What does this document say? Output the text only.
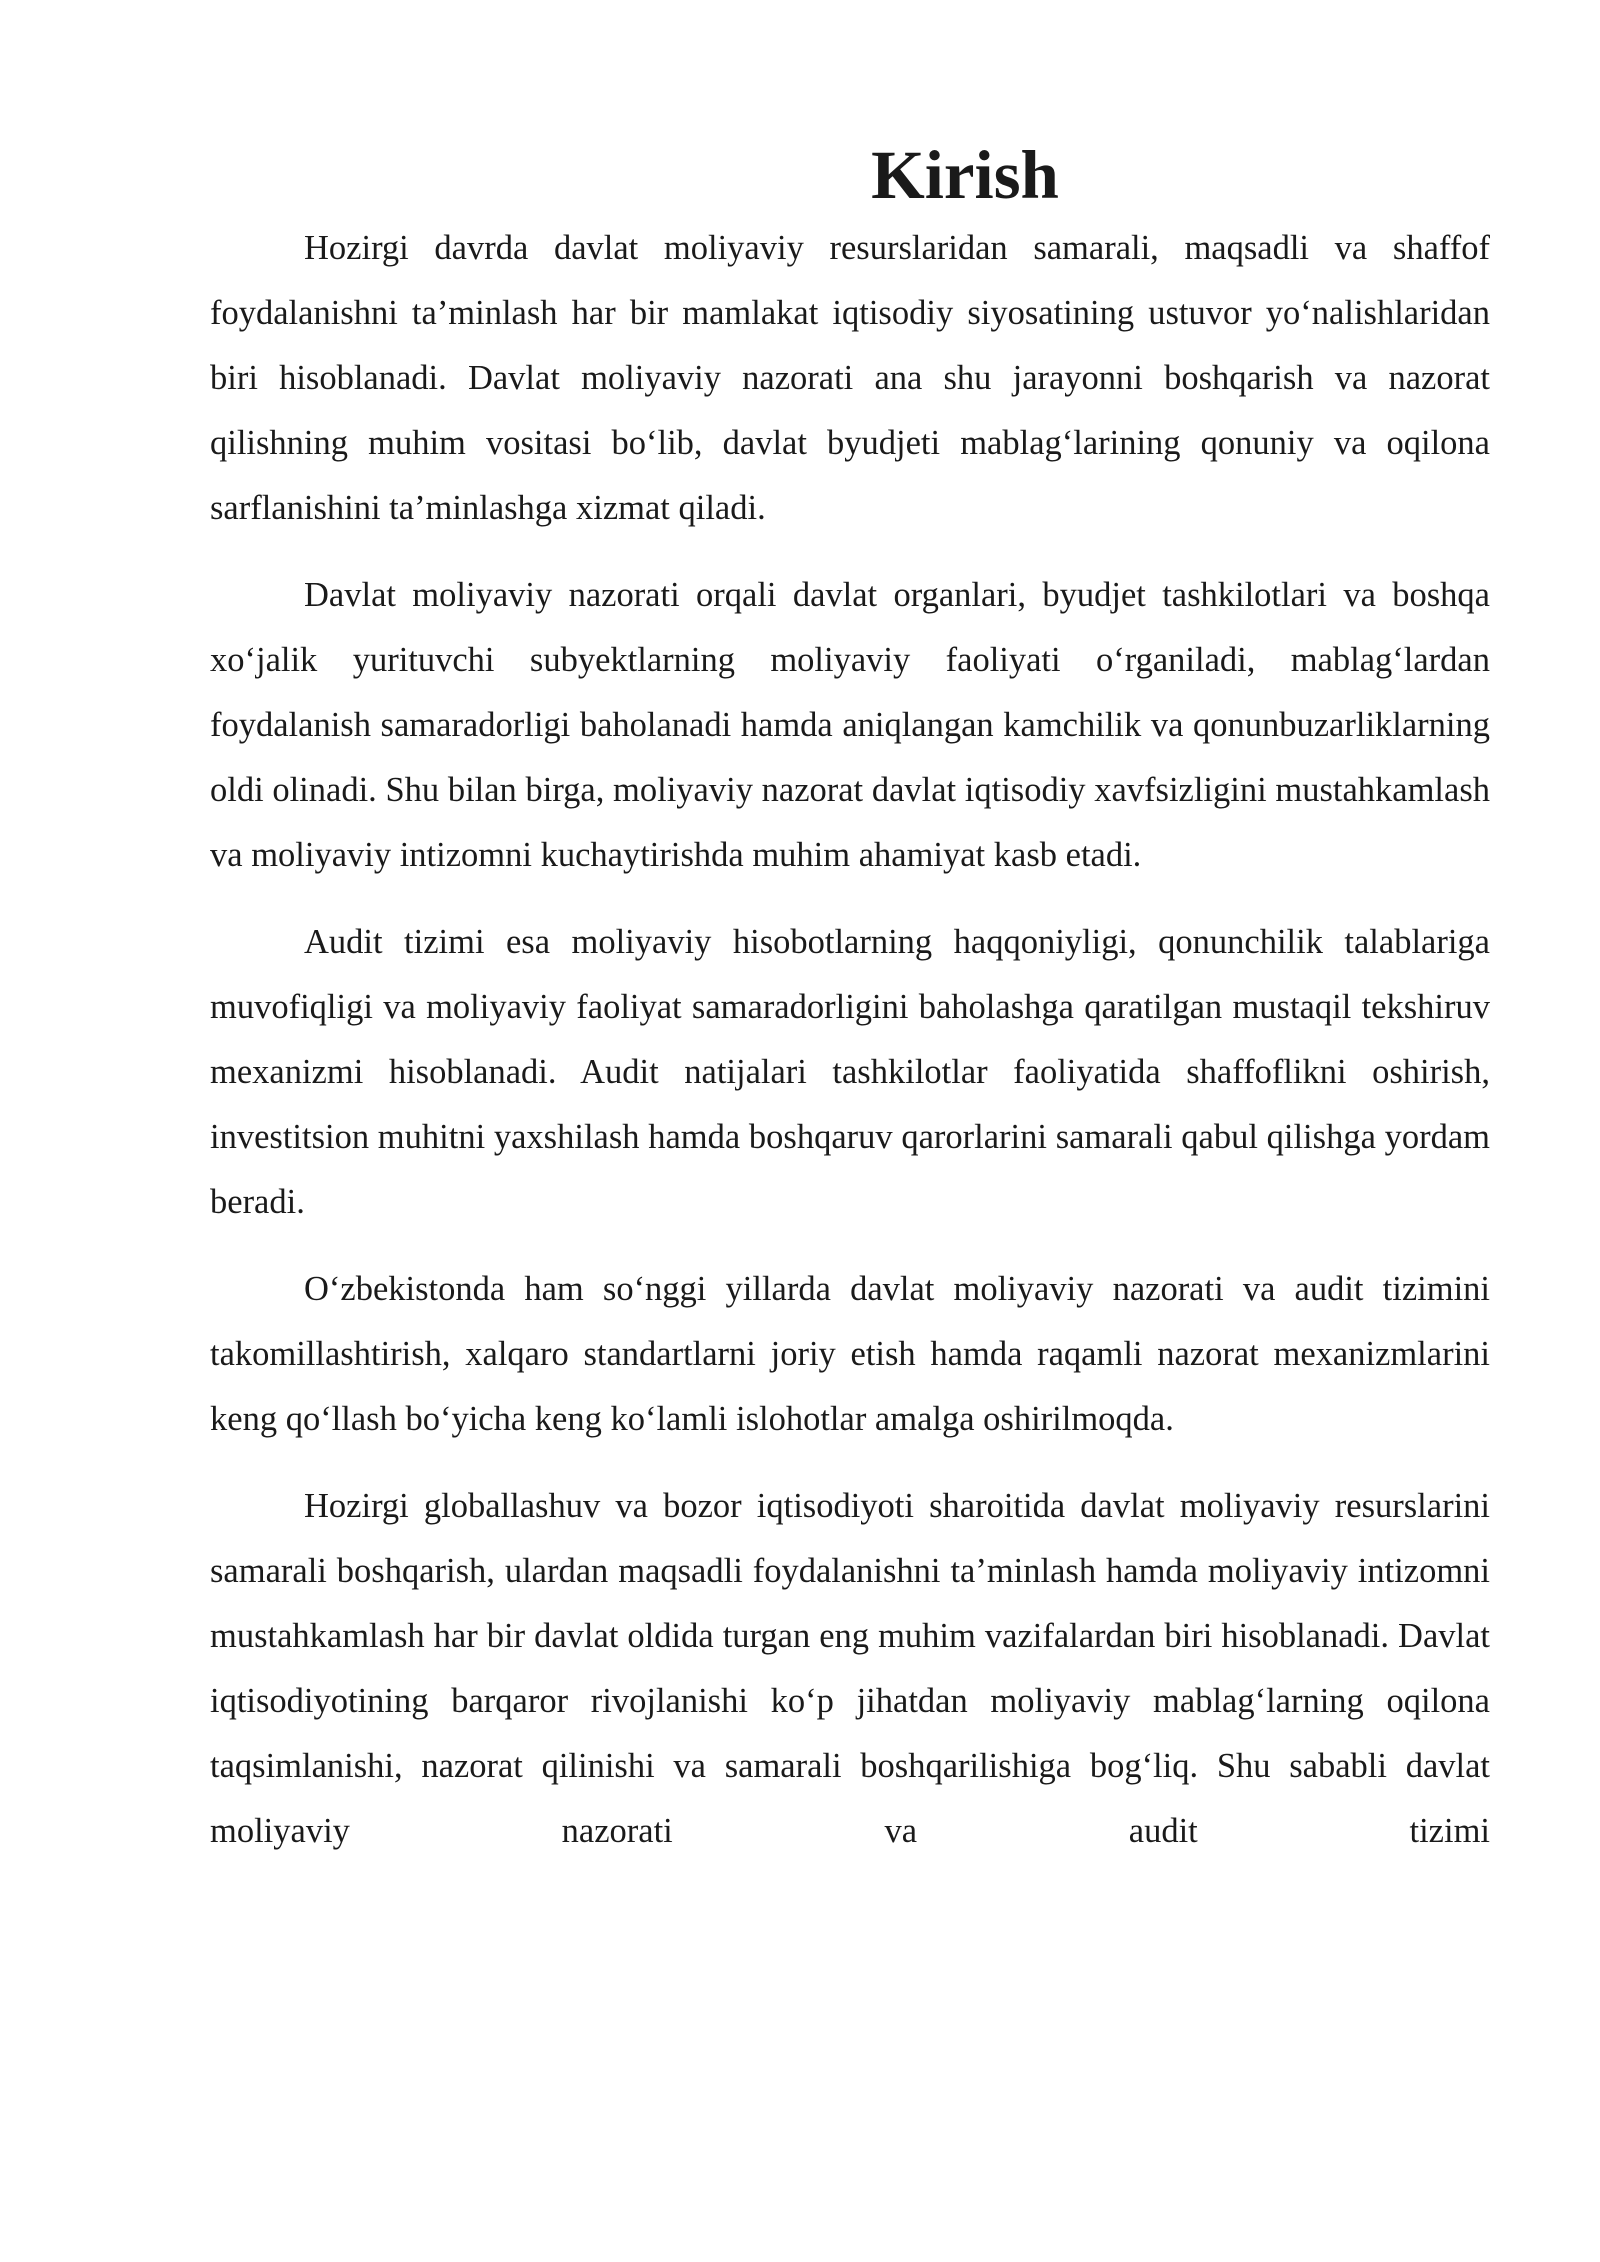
Kirish

Hozirgi davrda davlat moliyaviy resurslaridan samarali, maqsadli va shaffof foydalanishni ta’minlash har bir mamlakat iqtisodiy siyosatining ustuvor yo‘nalishlaridan biri hisoblanadi. Davlat moliyaviy nazorati ana shu jarayonni boshqarish va nazorat qilishning muhim vositasi bo‘lib, davlat byudjeti mablag‘larining qonuniy va oqilona sarflanishini ta’minlashga xizmat qiladi.

Davlat moliyaviy nazorati orqali davlat organlari, byudjet tashkilotlari va boshqa xo‘jalik yurituvchi subyektlarning moliyaviy faoliyati o‘rganiladi, mablag‘lardan foydalanish samaradorligi baholanadi hamda aniqlangan kamchilik va qonunbuzarliklarning oldi olinadi. Shu bilan birga, moliyaviy nazorat davlat iqtisodiy xavfsizligini mustahkamlash va moliyaviy intizomni kuchaytirishda muhim ahamiyat kasb etadi.

Audit tizimi esa moliyaviy hisobotlarning haqqoniyligi, qonunchilik talablariga muvofiqligi va moliyaviy faoliyat samaradorligini baholashga qaratilgan mustaqil tekshiruv mexanizmi hisoblanadi. Audit natijalari tashkilotlar faoliyatida shaffoflikni oshirish, investitsion muhitni yaxshilash hamda boshqaruv qarorlarini samarali qabul qilishga yordam beradi.

O‘zbekistonda ham so‘nggi yillarda davlat moliyaviy nazorati va audit tizimini takomillashtirish, xalqaro standartlarni joriy etish hamda raqamli nazorat mexanizmlarini keng qo‘llash bo‘yicha keng ko‘lamli islohotlar amalga oshirilmoqda.

Hozirgi globallashuv va bozor iqtisodiyoti sharoitida davlat moliyaviy resurslarini samarali boshqarish, ulardan maqsadli foydalanishni ta’minlash hamda moliyaviy intizomni mustahkamlash har bir davlat oldida turgan eng muhim vazifalardan biri hisoblanadi. Davlat iqtisodiyotining barqaror rivojlanishi ko‘p jihatdan moliyaviy mablag‘larning oqilona taqsimlanishi, nazorat qilinishi va samarali boshqarilishiga bog‘liq. Shu sababli davlat moliyaviy nazorati va audit tizimi
